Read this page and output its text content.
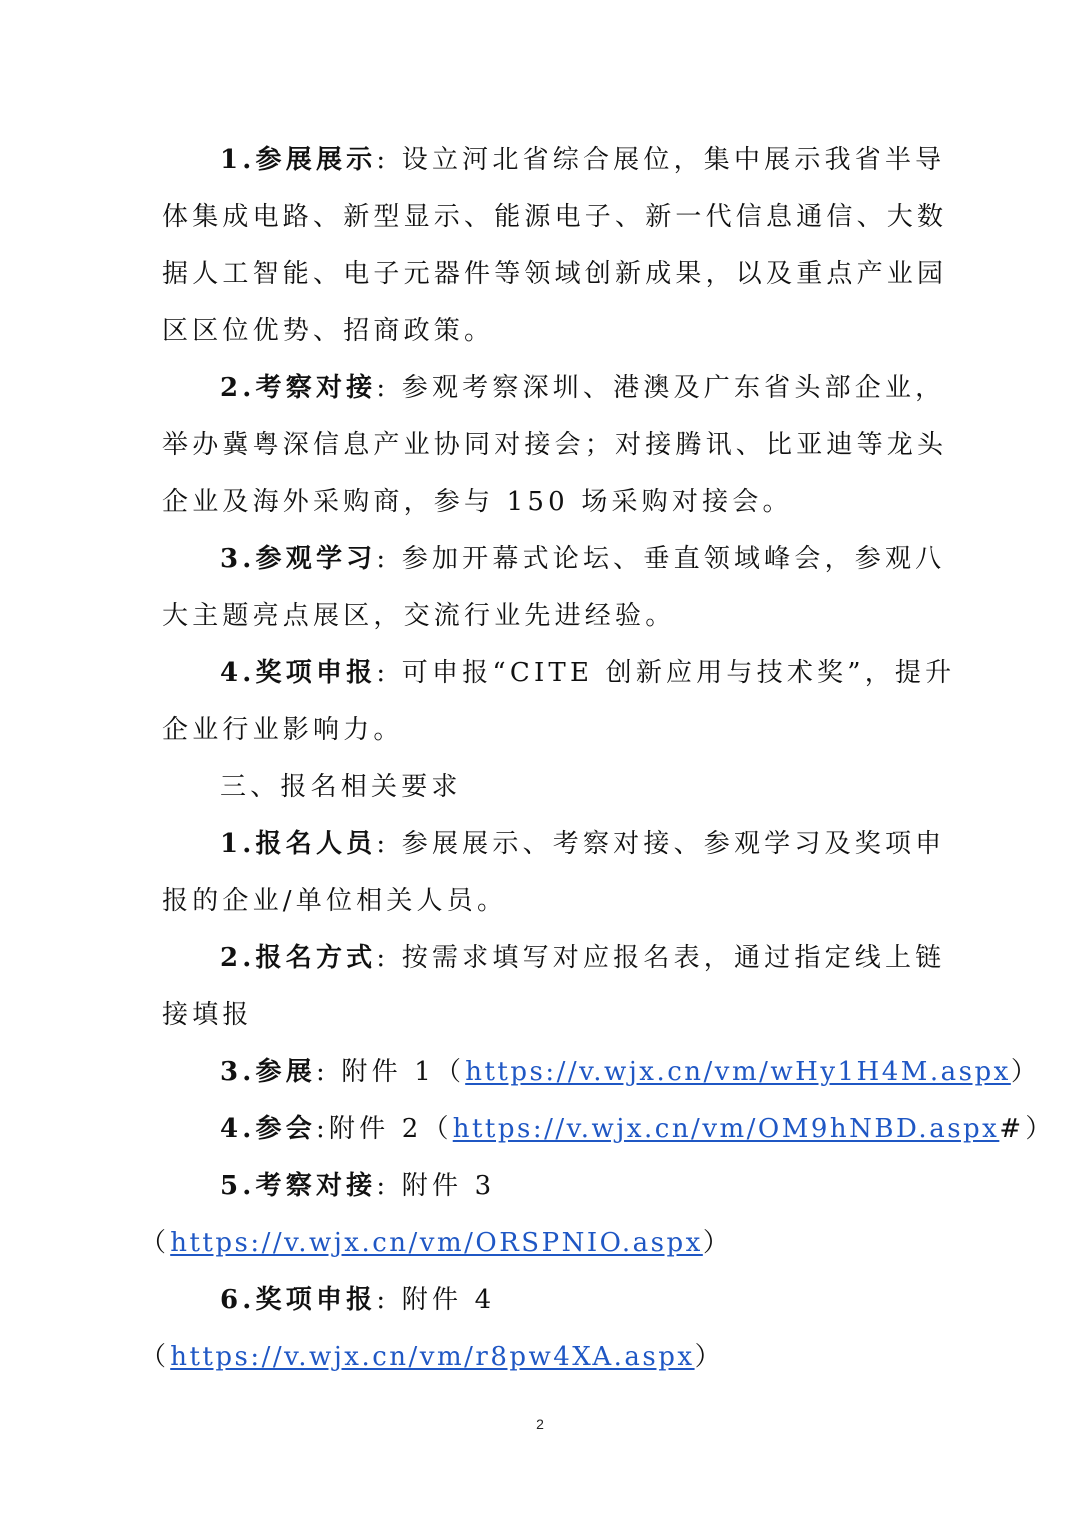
1.参展展示: 设立河北省综合展位，集中展示我省半导
体集成电路、新型显示、能源电子、新一代信息通信、大数
据人工智能、电子元器件等领域创新成果，以及重点产业园
区区位优势、招商政策。
2.考察对接: 参观考察深圳、港澳及广东省头部企业，
举办冀粤深信息产业协同对接会；对接腾讯、比亚迪等龙头
企业及海外采购商，参与 150 场采购对接会。
3.参观学习: 参加开幕式论坛、垂直领域峰会，参观八
大主题亮点展区，交流行业先进经验。
4.奖项申报: 可申报“CITE 创新应用与技术奖”，提升
企业行业影响力。
三、报名相关要求
1.报名人员: 参展展示、考察对接、参观学习及奖项申
报的企业/单位相关人员。
2.报名方式: 按需求填写对应报名表，通过指定线上链
接填报
3.参展: 附件 1（https://v.wjx.cn/vm/wHy1H4M.aspx）
4.参会:附件 2（https://v.wjx.cn/vm/OM9hNBD.aspx#）
5.考察对接: 附件 3
（https://v.wjx.cn/vm/ORSPNIO.aspx）
6.奖项申报: 附件 4
（https://v.wjx.cn/vm/r8pw4XA.aspx）
2
